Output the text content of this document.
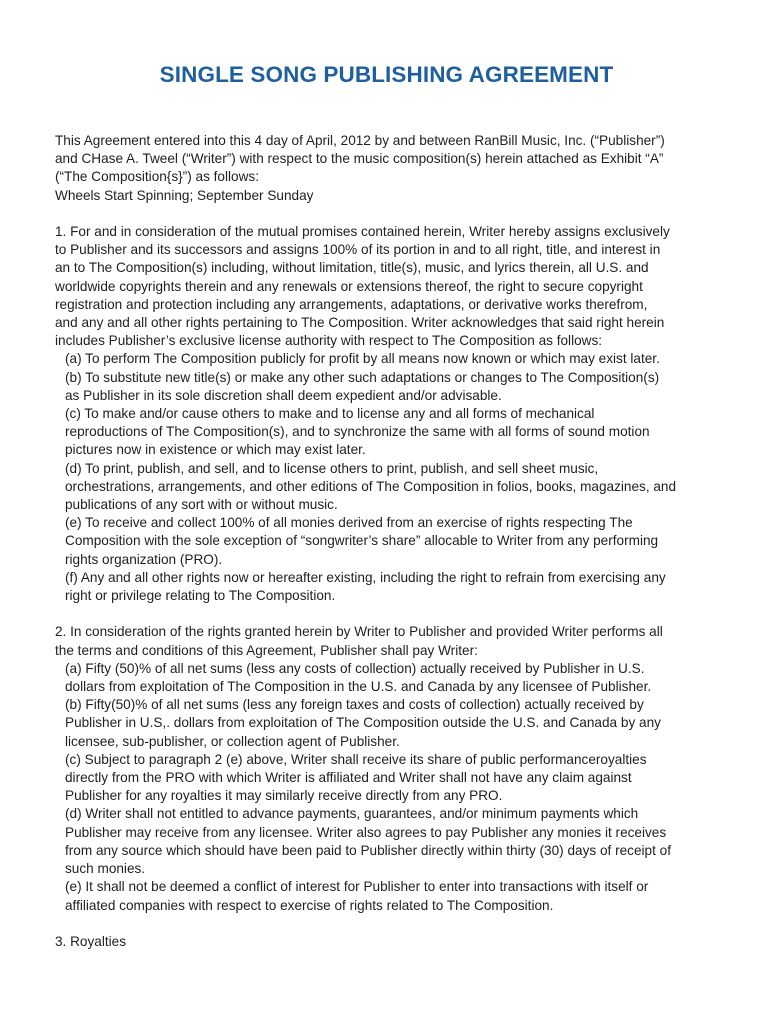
SINGLE SONG PUBLISHING AGREEMENT

This Agreement entered into this 4 day of April, 2012 by and between RanBill Music, Inc. (“Publisher”)
and CHase A. Tweel (“Writer”) with respect to the music composition(s) herein attached as Exhibit “A”
(“The Composition{s}”) as follows:

Wheels Start Spinning; September Sunday

1. For and in consideration of the mutual promises contained herein, Writer hereby assigns exclusively
to Publisher and its successors and assigns 100% of its portion in and to all right, title, and interest in
an to The Composition(s) including, without limitation, title(s), music, and lyrics therein, all U.S. and
worldwide copyrights therein and any renewals or extensions thereof, the right to secure copyright
registration and protection including any arrangements, adaptations, or derivative works therefrom,
and any and all other rights pertaining to The Composition. Writer acknowledges that said right herein
includes Publisher’s exclusive license authority with respect to The Composition as follows:

(a) To perform The Composition publicly for profit by all means now known or which may exist later.

(b) To substitute new title(s) or make any other such adaptations or changes to The Composition(s)
as Publisher in its sole discretion shall deem expedient and/or advisable.

(c) To make and/or cause others to make and to license any and all forms of mechanical
reproductions of The Composition(s), and to synchronize the same with all forms of sound motion
pictures now in existence or which may exist later.

(d) To print, publish, and sell, and to license others to print, publish, and sell sheet music,
orchestrations, arrangements, and other editions of The Composition in folios, books, magazines, and
publications of any sort with or without music.

(e) To receive and collect 100% of all monies derived from an exercise of rights respecting The
Composition with the sole exception of “songwriter’s share” allocable to Writer from any performing
rights organization (PRO).

(f) Any and all other rights now or hereafter existing, including the right to refrain from exercising any
right or privilege relating to The Composition.

2. In consideration of the rights granted herein by Writer to Publisher and provided Writer performs all
the terms and conditions of this Agreement, Publisher shall pay Writer:

(a) Fifty (50)% of all net sums (less any costs of collection) actually received by Publisher in U.S.
dollars from exploitation of The Composition in the U.S. and Canada by any licensee of Publisher.

(b) Fifty(50)% of all net sums (less any foreign taxes and costs of collection) actually received by
Publisher in U.S,. dollars from exploitation of The Composition outside the U.S. and Canada by any
licensee, sub-publisher, or collection agent of Publisher.

(c) Subject to paragraph 2 (e) above, Writer shall receive its share of public performanceroyalties
directly from the PRO with which Writer is affiliated and Writer shall not have any claim against
Publisher for any royalties it may similarly receive directly from any PRO.

(d) Writer shall not entitled to advance payments, guarantees, and/or minimum payments which
Publisher may receive from any licensee. Writer also agrees to pay Publisher any monies it receives
from any source which should have been paid to Publisher directly within thirty (30) days of receipt of
such monies.

(e) It shall not be deemed a conflict of interest for Publisher to enter into transactions with itself or
affiliated companies with respect to exercise of rights related to The Composition.

3. Royalties
